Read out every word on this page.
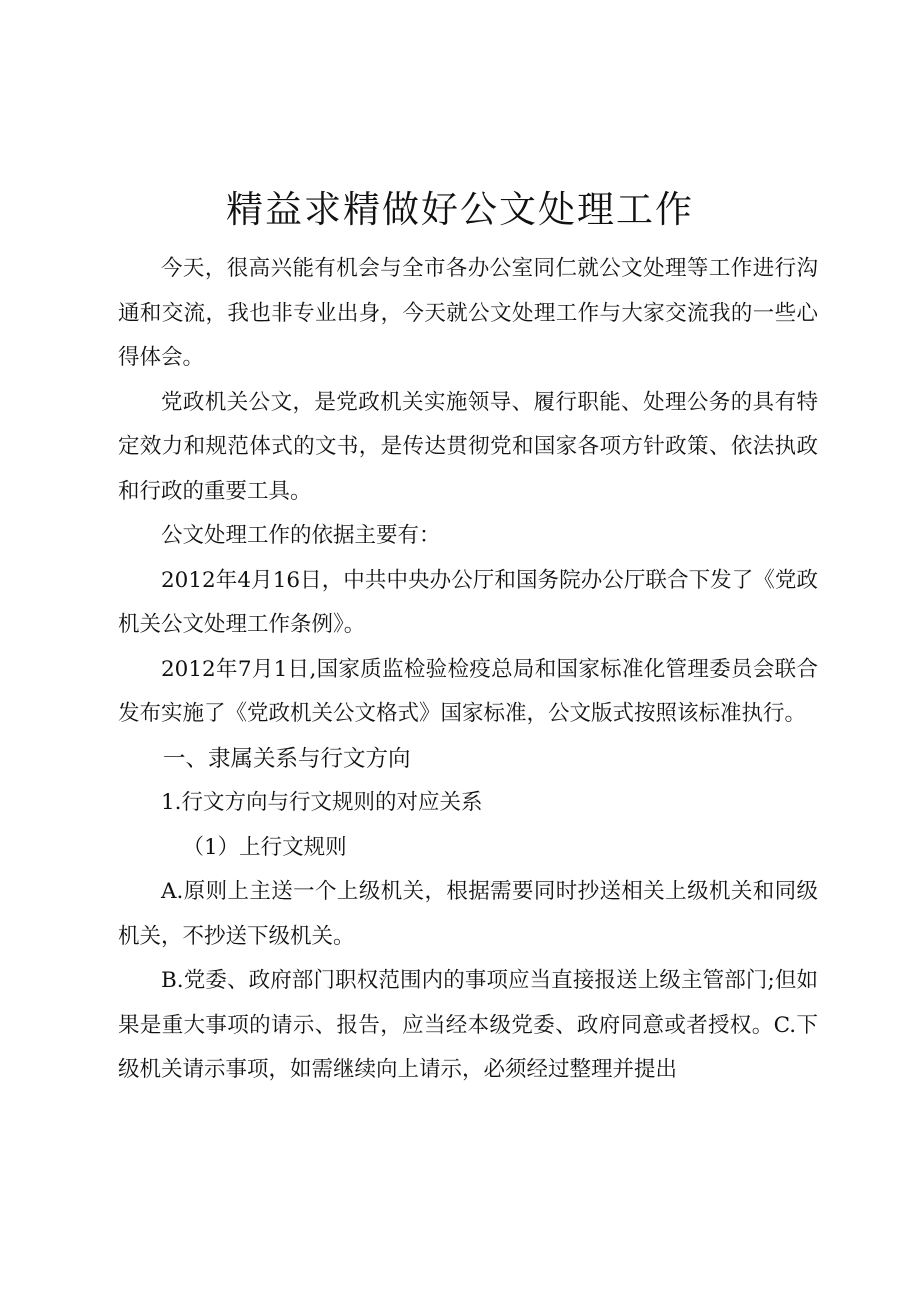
精益求精做好公文处理工作

今天，很高兴能有机会与全市各办公室同仁就公文处理等工作进行沟通和交流，我也非专业出身，今天就公文处理工作与大家交流我的一些心得体会。

党政机关公文，是党政机关实施领导、履行职能、处理公务的具有特定效力和规范体式的文书，是传达贯彻党和国家各项方针政策、依法执政和行政的重要工具。

公文处理工作的依据主要有：

2012年4月16日，中共中央办公厅和国务院办公厅联合下发了《党政机关公文处理工作条例》。

2012年7月1日,国家质监检验检疫总局和国家标准化管理委员会联合发布实施了《党政机关公文格式》国家标准，公文版式按照该标准执行。

一、隶属关系与行文方向

1.行文方向与行文规则的对应关系

（1）上行文规则

A.原则上主送一个上级机关，根据需要同时抄送相关上级机关和同级机关，不抄送下级机关。

B.党委、政府部门职权范围内的事项应当直接报送上级主管部门;但如果是重大事项的请示、报告，应当经本级党委、政府同意或者授权。C.下级机关请示事项，如需继续向上请示，必须经过整理并提出
